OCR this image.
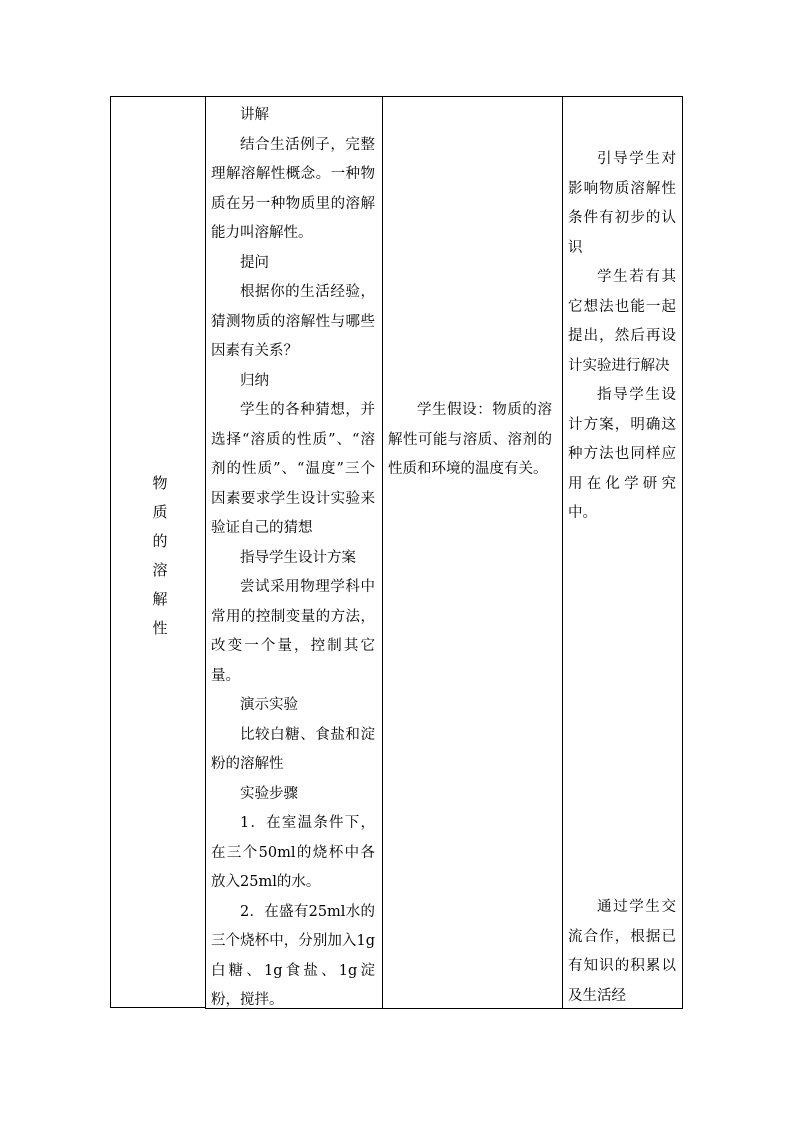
物
质
的
溶
解
性

讲解

结合生活例子，完整理解溶解性概念。一种物质在另一种物质里的溶解能力叫溶解性。

提问

根据你的生活经验，猜测物质的溶解性与哪些因素有关系？

归纳

学生的各种猜想，并选择“溶质的性质”、“溶剂的性质”、“温度”三个因素要求学生设计实验来验证自己的猜想

指导学生设计方案

尝试采用物理学科中常用的控制变量的方法，改变一个量，控制其它量。

演示实验

比较白糖、食盐和淀粉的溶解性

实验步骤

1．在室温条件下，在三个50ml的烧杯中各放入25ml的水。

2．在盛有25ml水的三个烧杯中，分别加入1g白糖、1g食盐、1g淀粉，搅拌。

学生假设：物质的溶解性可能与溶质、溶剂的性质和环境的温度有关。

引导学生对影响物质溶解性条件有初步的认识

学生若有其它想法也能一起提出，然后再设计实验进行解决

指导学生设计方案，明确这种方法也同样应用在化学研究中。

通过学生交流合作，根据已有知识的积累以及生活经
